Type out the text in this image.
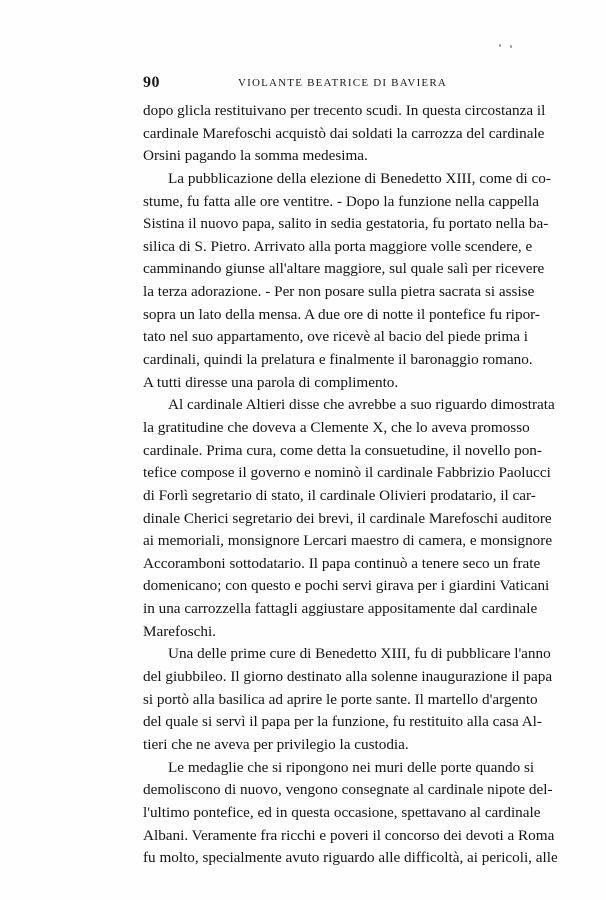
90	VIOLANTE BEATRICE DI BAVIERA
dopo glicla restituivano per trecento scudi. In questa circostanza il
cardinale Marefoschi acquistò dai soldati la carrozza del cardinale
Orsini pagando la somma medesima.
La pubblicazione della elezione di Benedetto XIII, come di co-
stume, fu fatta alle ore ventitre. - Dopo la funzione nella cappella
Sistina il nuovo papa, salito in sedia gestatoria, fu portato nella ba-
silica di S. Pietro. Arrivato alla porta maggiore volle scendere, e
camminando giunse all'altare maggiore, sul quale salì per ricevere
la terza adorazione. - Per non posare sulla pietra sacrata si assise
sopra un lato della mensa. A due ore di notte il pontefice fu ripor-
tato nel suo appartamento, ove ricevè al bacio del piede prima i
cardinali, quindi la prelatura e finalmente il baronaggio romano.
A tutti diresse una parola di complimento.
Al cardinale Altieri disse che avrebbe a suo riguardo dimostrata
la gratitudine che doveva a Clemente X, che lo aveva promosso
cardinale. Prima cura, come detta la consuetudine, il novello pon-
tefice compose il governo e nominò il cardinale Fabbrizio Paolucci
di Forlì segretario di stato, il cardinale Olivieri prodatario, il car-
dinale Cherici segretario dei brevi, il cardinale Marefoschi auditore
ai memoriali, monsignore Lercari maestro di camera, e monsignore
Accoramboni sottodatario. Il papa continuò a tenere seco un frate
domenicano; con questo e pochi servi girava per i giardini Vaticani
in una carrozzella fattagli aggiustare appositamente dal cardinale
Marefoschi.
Una delle prime cure di Benedetto XIII, fu di pubblicare l'anno
del giubbileo. Il giorno destinato alla solenne inaugurazione il papa
si portò alla basilica ad aprire le porte sante. Il martello d'argento
del quale si servì il papa per la funzione, fu restituito alla casa Al-
tieri che ne aveva per privilegio la custodia.
Le medaglie che si ripongono nei muri delle porte quando si
demoliscono di nuovo, vengono consegnate al cardinale nipote del-
l'ultimo pontefice, ed in questa occasione, spettavano al cardinale
Albani. Veramente fra ricchi e poveri il concorso dei devoti a Roma
fu molto, specialmente avuto riguardo alle difficoltà, ai pericoli, alle
